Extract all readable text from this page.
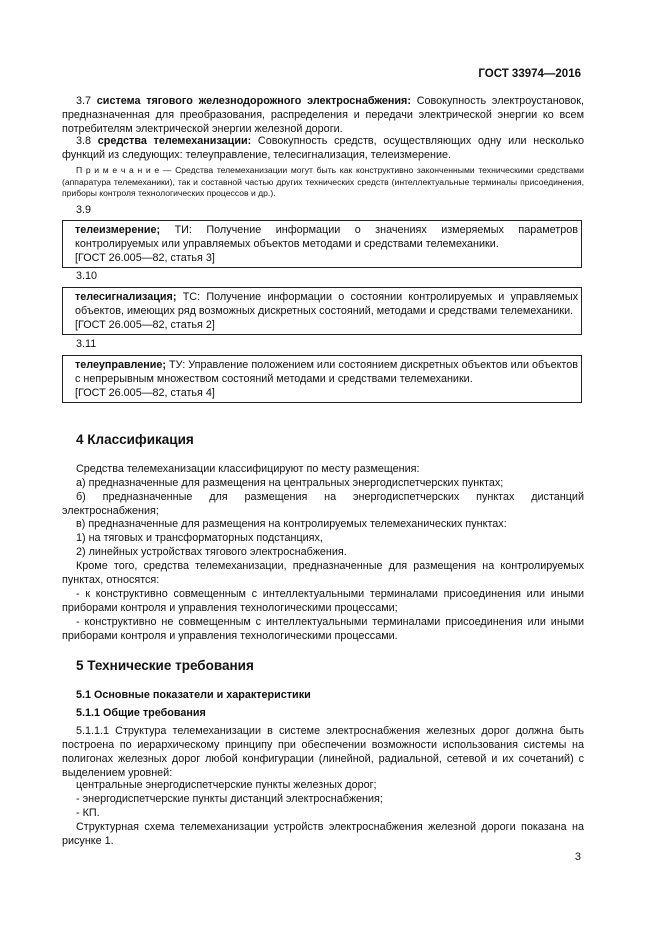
ГОСТ 33974—2016
3.7 система тягового железнодорожного электроснабжения: Совокупность электроустановок, предназначенная для преобразования, распределения и передачи электрической энергии ко всем потребителям электрической энергии железной дороги.
3.8 средства телемеханизации: Совокупность средств, осуществляющих одну или несколько функций из следующих: телеуправление, телесигнализация, телеизмерение.
П р и м е ч а н и е — Средства телемеханизации могут быть как конструктивно законченными техническими средствами (аппаратура телемеханики), так и составной частью других технических средств (интеллектуальные терминалы присоединения, приборы контроля технологических процессов и др.).
3.9

телеизмерение; ТИ: Получение информации о значениях измеряемых параметров контролируемых или управляемых объектов методами и средствами телемеханики.

[ГОСТ 26.005—82, статья 3]

3.10

телесигнализация; ТС: Получение информации о состоянии контролируемых и управляемых объектов, имеющих ряд возможных дискретных состояний, методами и средствами телемеханики.

[ГОСТ 26.005—82, статья 2]

3.11

телеуправление; ТУ: Управление положением или состоянием дискретных объектов или объектов с непрерывным множеством состояний методами и средствами телемеханики.

[ГОСТ 26.005—82, статья 4]

4 Классификация
Средства телемеханизации классифицируют по месту размещения:
а) предназначенные для размещения на центральных энергодиспетчерских пунктах;
б) предназначенные для размещения на энергодиспетчерских пунктах дистанций электроснабжения;
в) предназначенные для размещения на контролируемых телемеханических пунктах:
1) на тяговых и трансформаторных подстанциях,
2) линейных устройствах тягового электроснабжения.
Кроме того, средства телемеханизации, предназначенные для размещения на контролируемых пунктах, относятся:
- к конструктивно совмещенным с интеллектуальными терминалами присоединения или иными приборами контроля и управления технологическими процессами;
- конструктивно не совмещенным с интеллектуальными терминалами присоединения или иными приборами контроля и управления технологическими процессами.
5 Технические требования
5.1 Основные показатели и характеристики
5.1.1 Общие требования
5.1.1.1 Структура телемеханизации в системе электроснабжения железных дорог должна быть построена по иерархическому принципу при обеспечении возможности использования системы на полигонах железных дорог любой конфигурации (линейной, радиальной, сетевой и их сочетаний) с выделением уровней:
центральные энергодиспетчерские пункты железных дорог;
- энергодиспетчерские пункты дистанций электроснабжения;
- КП.
Структурная схема телемеханизации устройств электроснабжения железной дороги показана на рисунке 1.
3
